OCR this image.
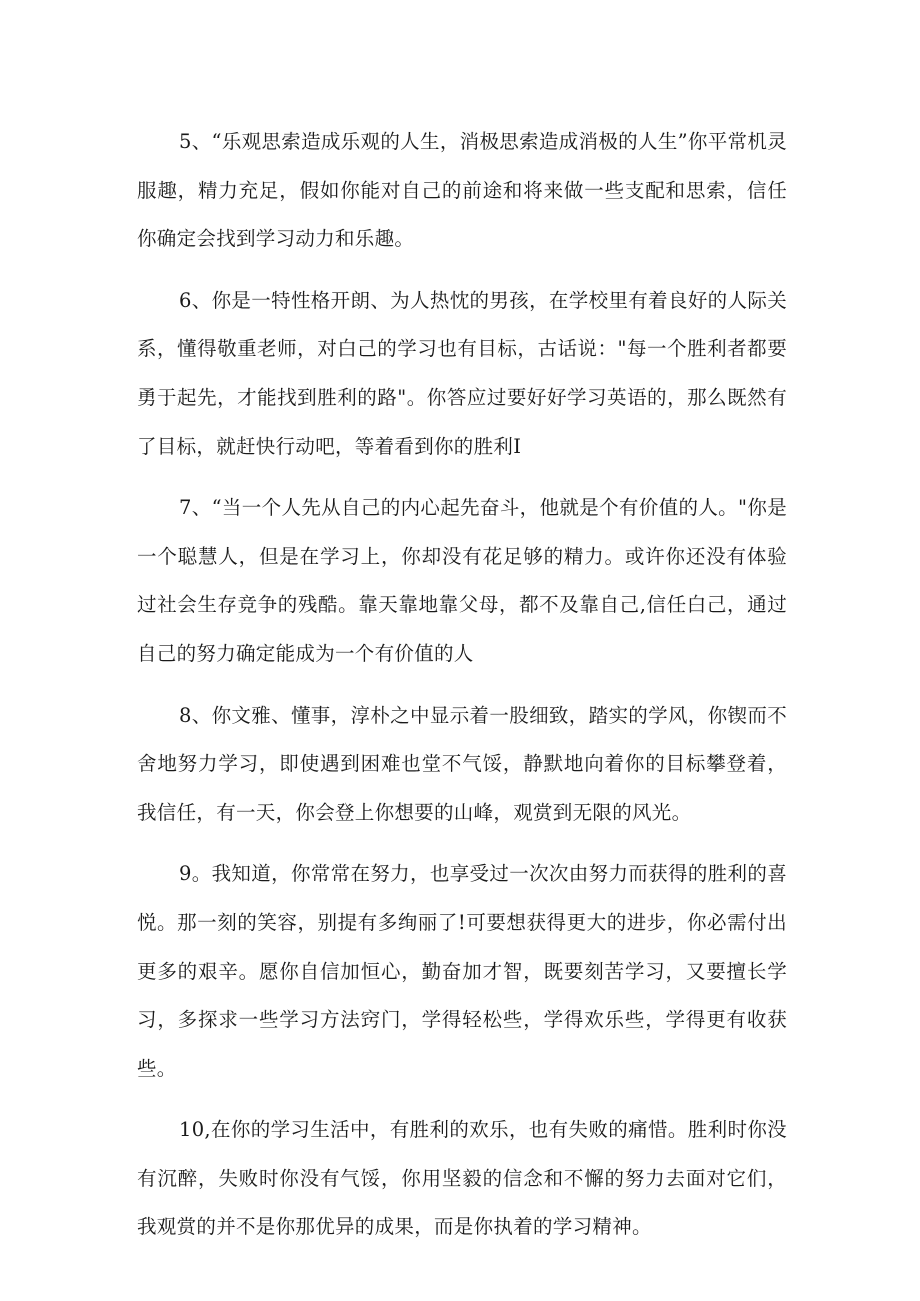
5、“乐观思索造成乐观的人生，消极思索造成消极的人生”你平常机灵服趣，精力充足，假如你能对自己的前途和将来做一些支配和思索，信任你确定会找到学习动力和乐趣。

6、你是一特性格开朗、为人热忱的男孩，在学校里有着良好的人际关系，懂得敬重老师，对白己的学习也有目标，古话说："每一个胜利者都要勇于起先，才能找到胜利的路"。你答应过要好好学习英语的，那么既然有了目标，就赶快行动吧，等着看到你的胜利I

7、“当一个人先从自己的内心起先奋斗，他就是个有价值的人。"你是一个聪慧人，但是在学习上，你却没有花足够的精力。或许你还没有体验过社会生存竞争的残酷。靠天靠地靠父母，都不及靠自己,信任白己，通过自己的努力确定能成为一个有价值的人

8、你文雅、懂事，淳朴之中显示着一股细致，踏实的学风，你锲而不舍地努力学习，即使遇到困难也堂不气馁，静默地向着你的目标攀登着，我信任，有一天，你会登上你想要的山峰，观赏到无限的风光。

9。我知道，你常常在努力，也享受过一次次由努力而获得的胜利的喜悦。那一刻的笑容，别提有多绚丽了!可要想获得更大的进步，你必需付出更多的艰辛。愿你自信加恒心，勤奋加才智，既要刻苦学习，又要擅长学习，多探求一些学习方法窍门，学得轻松些，学得欢乐些，学得更有收获些。

10,在你的学习生活中，有胜利的欢乐，也有失败的痛惜。胜利时你没有沉醉，失败时你没有气馁，你用坚毅的信念和不懈的努力去面对它们，我观赏的并不是你那优异的成果，而是你执着的学习精神。
